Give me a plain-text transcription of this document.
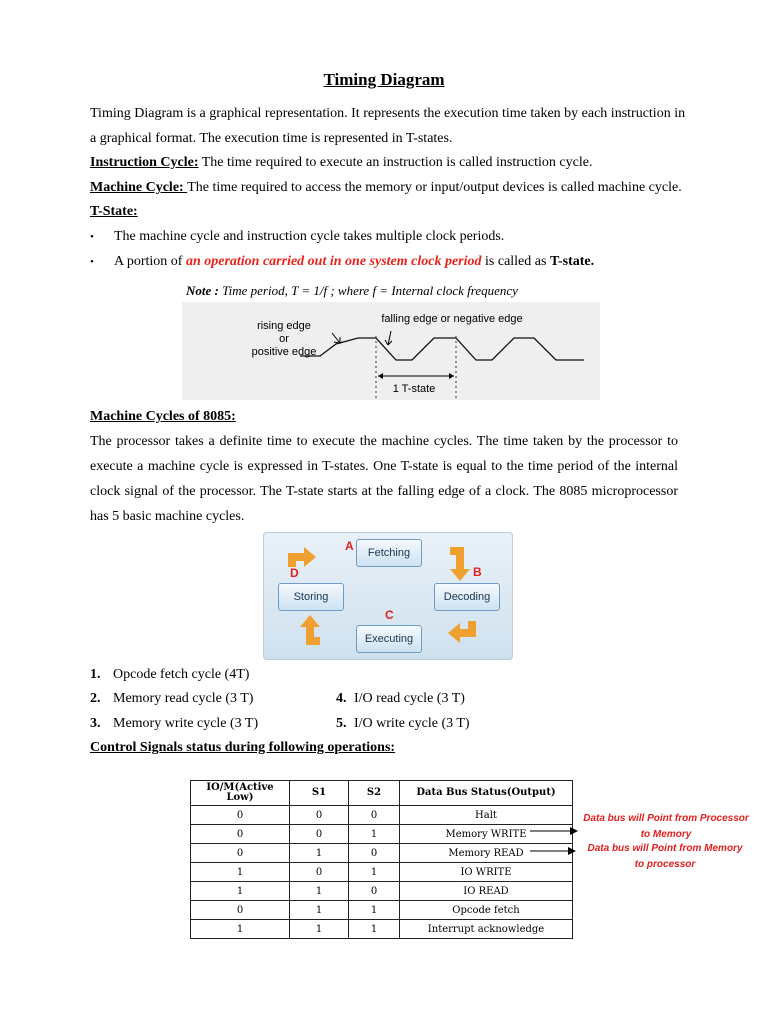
Timing Diagram
Timing Diagram is a graphical representation. It represents the execution time taken by each instruction in
a graphical format. The execution time is represented in T-states.
Instruction Cycle: The time required to execute an instruction is called instruction cycle.
Machine Cycle: The time required to access the memory or input/output devices is called machine cycle.
T-State:
• The machine cycle and instruction cycle takes multiple clock periods.
• A portion of an operation carried out in one system clock period is called as T-state.
Note : Time period, T = 1/f ; where f = Internal clock frequency
rising edge
or
positive edge
falling edge or negative edge
1 T-state
Machine Cycles of 8085:
The processor takes a definite time to execute the machine cycles. The time taken by the processor to
execute a machine cycle is expressed in T-states. One T-state is equal to the time period of the internal
clock signal of the processor. The T-state starts at the falling edge of a clock. The 8085 microprocessor
has 5 basic machine cycles.
Fetching
Decoding
Executing
Storing
A
B
C
D
1. Opcode fetch cycle (4T)
2. Memory read cycle (3 T)
3. Memory write cycle (3 T)
4. I/O read cycle (3 T)
5. I/O write cycle (3 T)
Control Signals status during following operations:
IO/M(Active Low)	S1	S2	Data Bus Status(Output)
0	0	0	Halt
0	0	1	Memory WRITE
0	1	0	Memory READ
1	0	1	IO WRITE
1	1	0	IO READ
0	1	1	Opcode fetch
1	1	1	Interrupt acknowledge
Data bus will Point from Processor to Memory
Data bus will Point from Memory to processor
